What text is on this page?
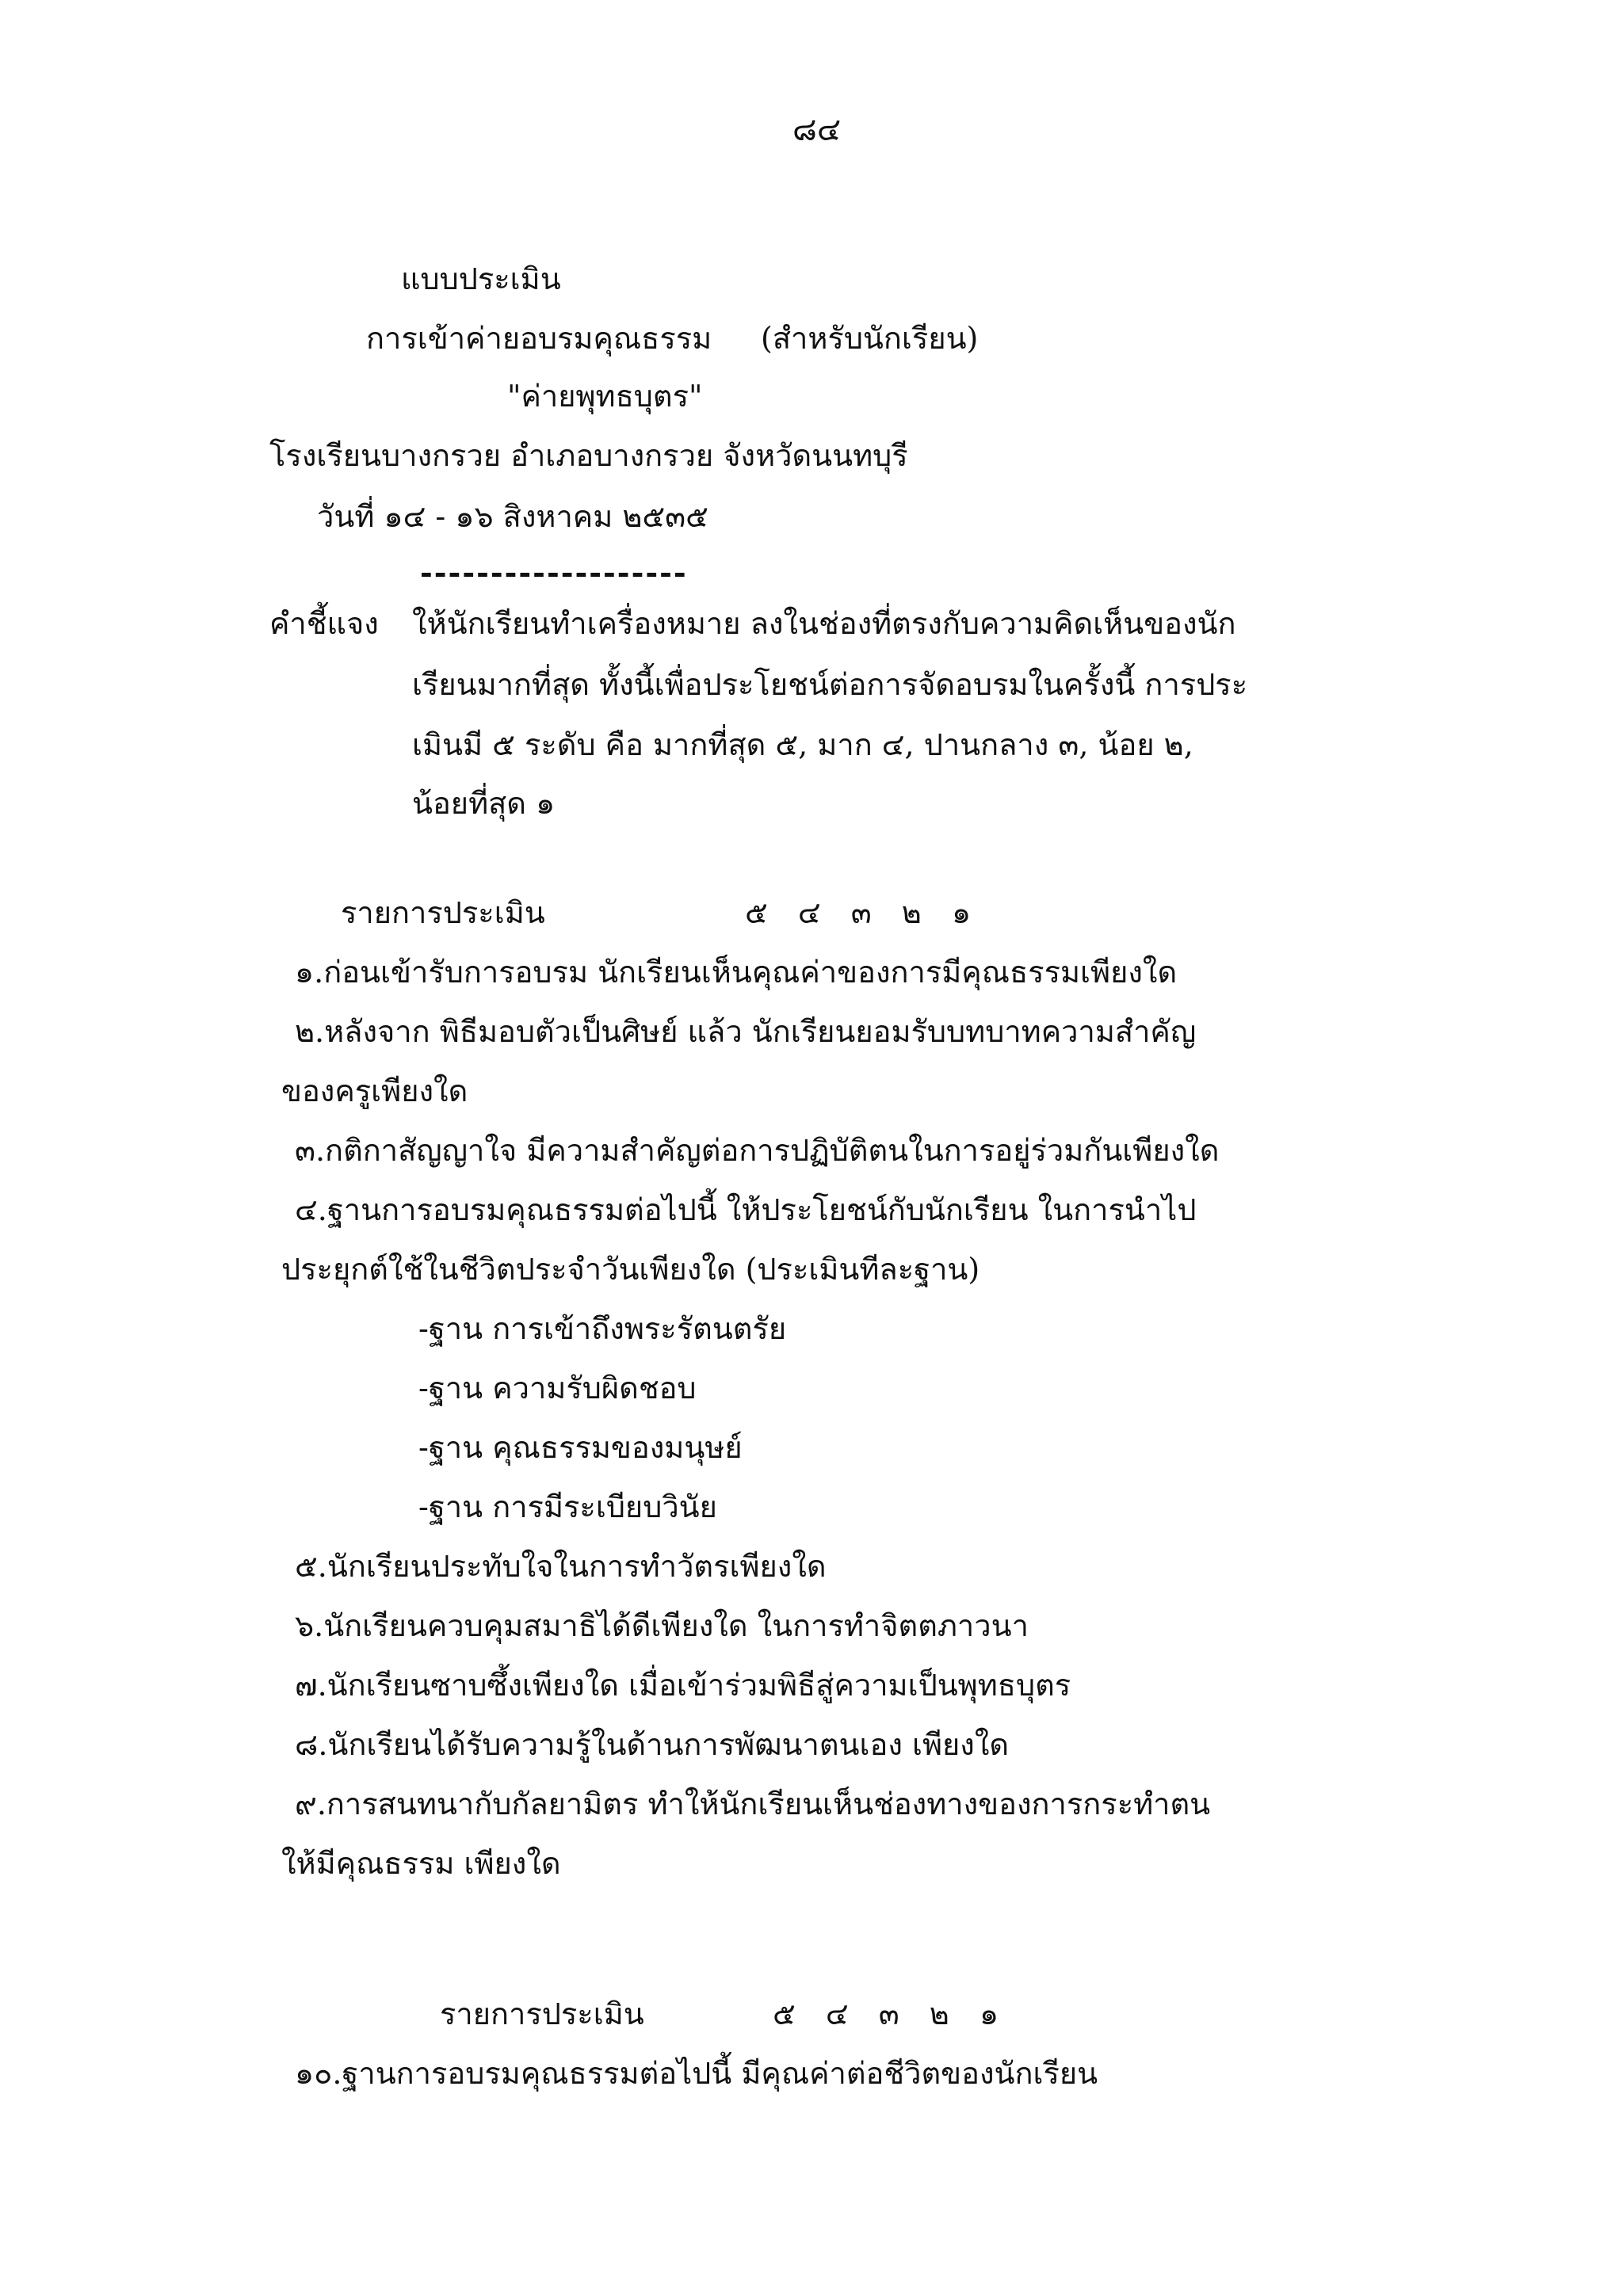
๘๔
แบบประเมิน
การเข้าค่ายอบรมคุณธรรม (สำหรับนักเรียน)
"ค่ายพุทธบุตร"
โรงเรียนบางกรวย อำเภอบางกรวย จังหวัดนนทบุรี
วันที่ ๑๔ - ๑๖ สิงหาคม ๒๕๓๕
-------------------
คำชี้แจง ให้นักเรียนทำเครื่องหมาย ลงในช่องที่ตรงกับความคิดเห็นของนัก
เรียนมากที่สุด ทั้งนี้เพื่อประโยชน์ต่อการจัดอบรมในครั้งนี้ การประ
เมินมี ๕ ระดับ คือ มากที่สุด ๕, มาก ๔, ปานกลาง ๓, น้อย ๒,
น้อยที่สุด ๑
รายการประเมิน	๕ ๔ ๓ ๒ ๑
๑.ก่อนเข้ารับการอบรม นักเรียนเห็นคุณค่าของการมีคุณธรรมเพียงใด
๒.หลังจาก พิธีมอบตัวเป็นศิษย์ แล้ว นักเรียนยอมรับบทบาทความสำคัญ
ของครูเพียงใด
๓.กติกาสัญญาใจ มีความสำคัญต่อการปฏิบัติตนในการอยู่ร่วมกันเพียงใด
๔.ฐานการอบรมคุณธรรมต่อไปนี้ ให้ประโยชน์กับนักเรียน ในการนำไป
ประยุกต์ใช้ในชีวิตประจำวันเพียงใด (ประเมินทีละฐาน)
-ฐาน การเข้าถึงพระรัตนตรัย
-ฐาน ความรับผิดชอบ
-ฐาน คุณธรรมของมนุษย์
-ฐาน การมีระเบียบวินัย
๕.นักเรียนประทับใจในการทำวัตรเพียงใด
๖.นักเรียนควบคุมสมาธิได้ดีเพียงใด ในการทำจิตตภาวนา
๗.นักเรียนซาบซึ้งเพียงใด เมื่อเข้าร่วมพิธีสู่ความเป็นพุทธบุตร
๘.นักเรียนได้รับความรู้ในด้านการพัฒนาตนเอง เพียงใด
๙.การสนทนากับกัลยามิตร ทำให้นักเรียนเห็นช่องทางของการกระทำตน
ให้มีคุณธรรม เพียงใด
รายการประเมิน	๕ ๔ ๓ ๒ ๑
๑๐.ฐานการอบรมคุณธรรมต่อไปนี้ มีคุณค่าต่อชีวิตของนักเรียน
